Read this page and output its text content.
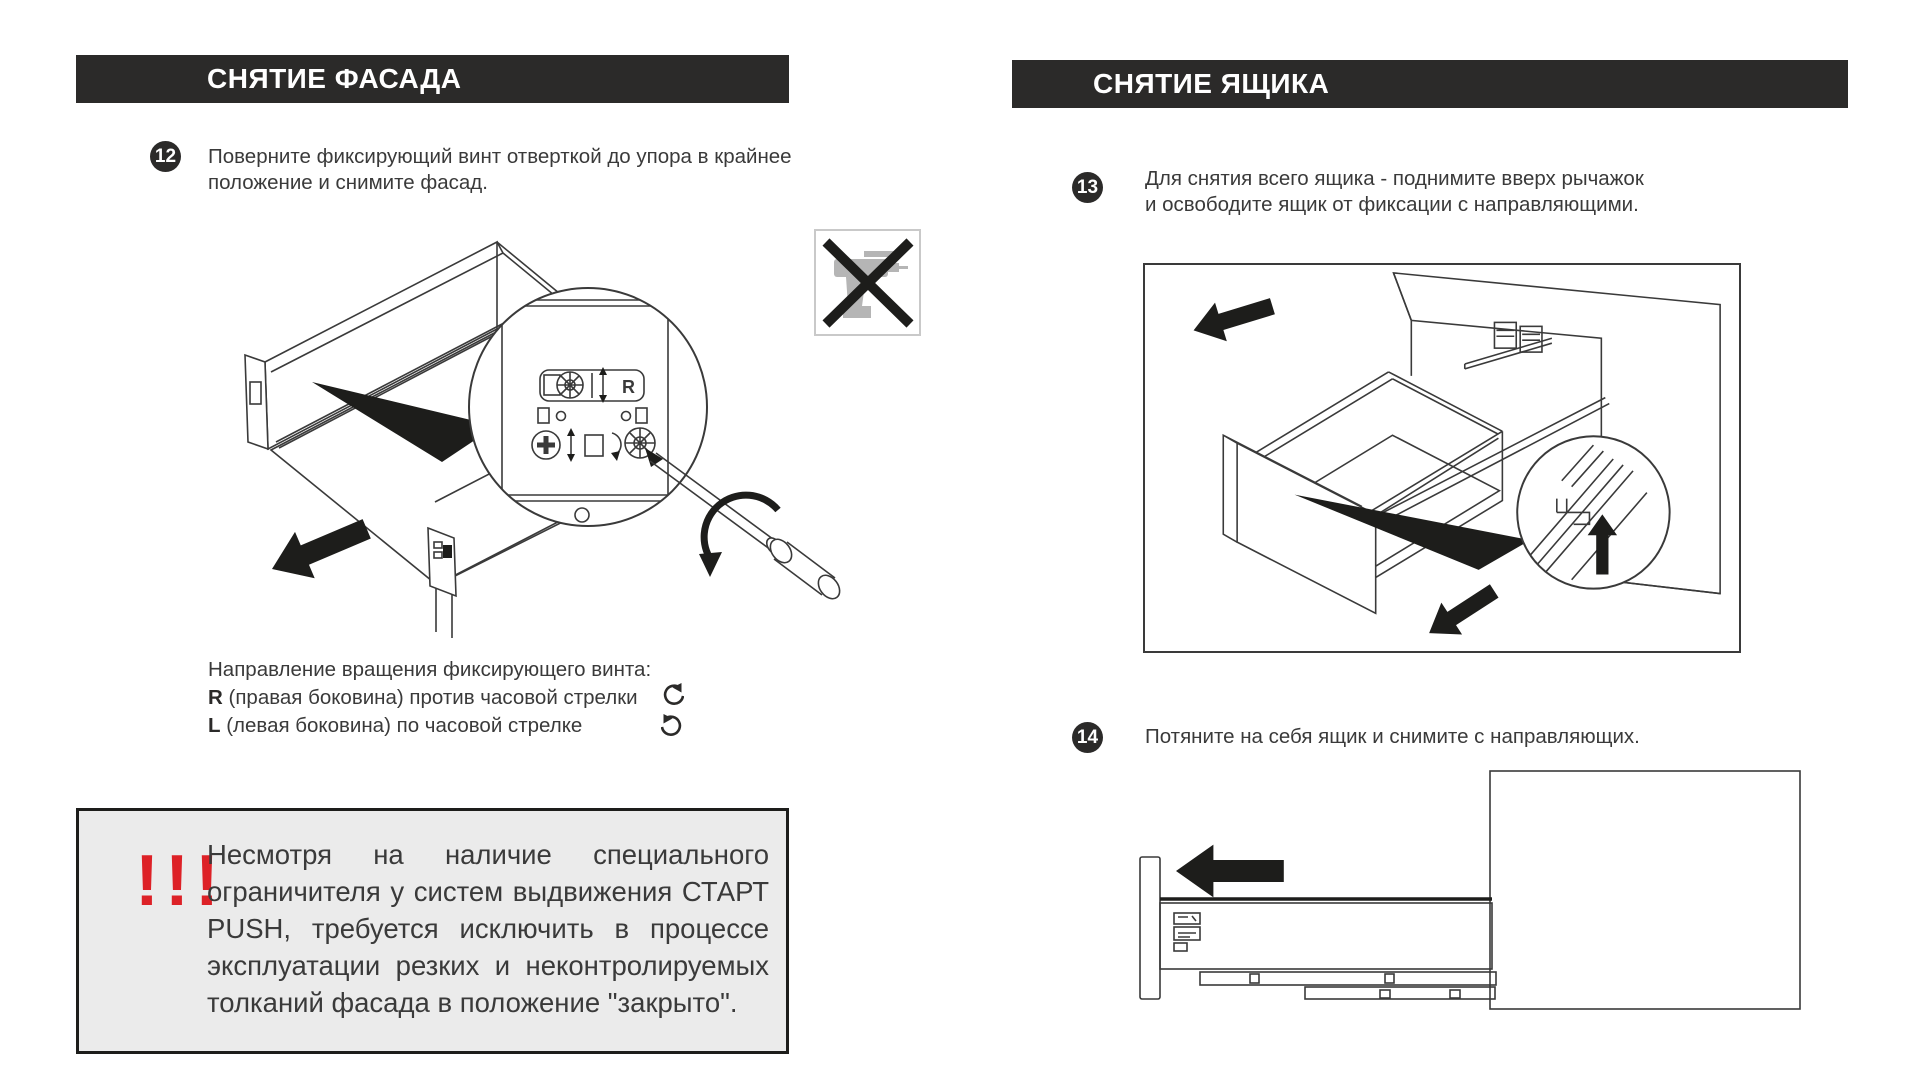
СНЯТИЕ ФАСАДА
12 Поверните фиксирующий винт отверткой до упора в крайнее
положение и снимите фасад.
R
Направление вращения фиксирующего винта:
R (правая боковина) против часовой стрелки
L (левая боковина) по часовой стрелке
!!!
Несмотря на наличие специального
ограничителя у систем выдвижения СТАРТ
PUSH, требуется исключить в процессе
эксплуатации резких и неконтролируемых
толканий фасада в положение "закрыто".
СНЯТИЕ ЯЩИКА
13 Для снятия всего ящика - поднимите вверх рычажок
и освободите ящик от фиксации с направляющими.
14 Потяните на себя ящик и снимите с направляющих.
